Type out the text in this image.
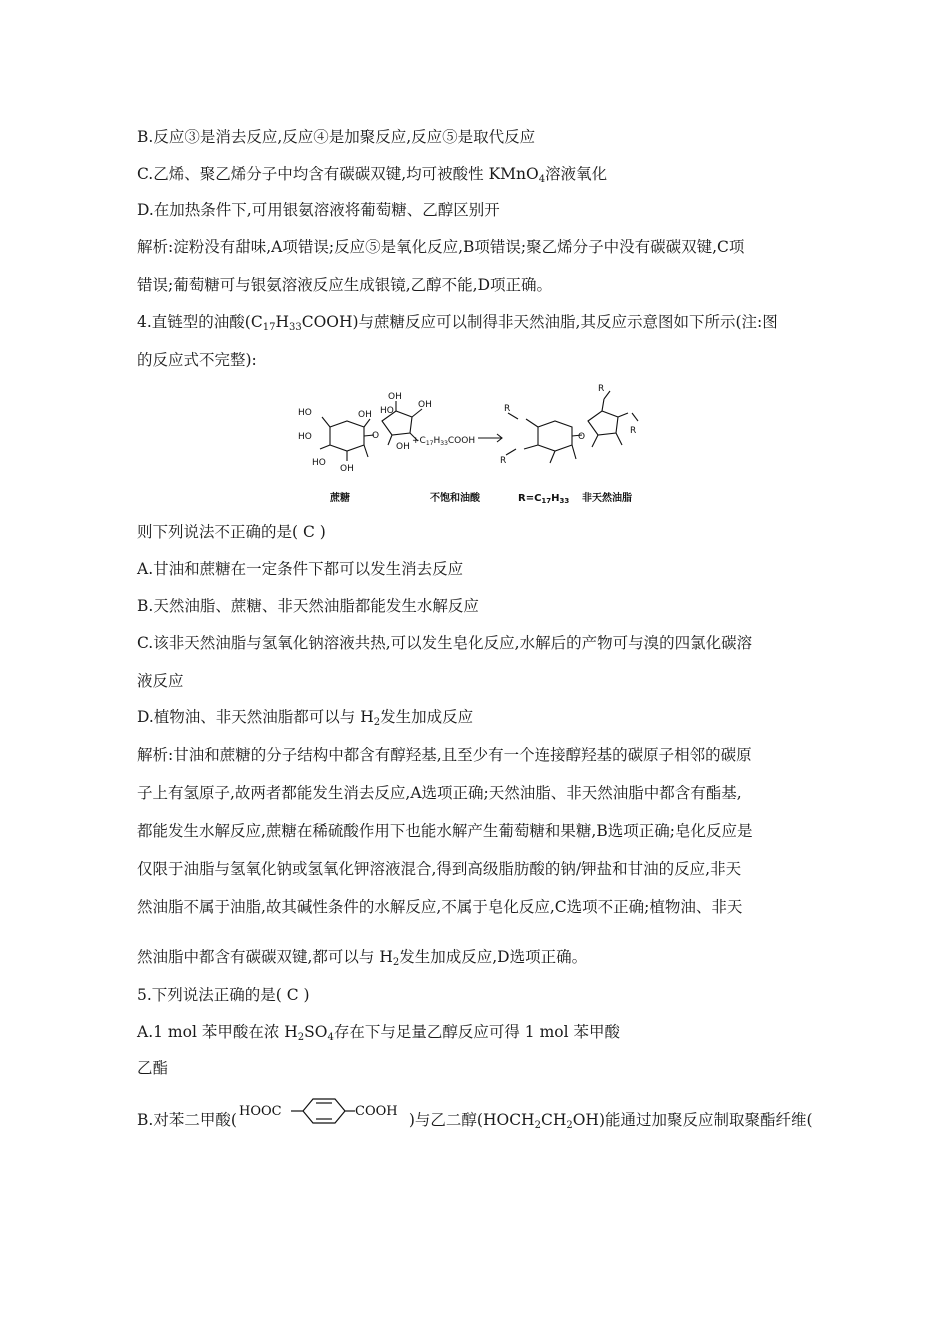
B.反应③是消去反应,反应④是加聚反应,反应⑤是取代反应
C.乙烯、聚乙烯分子中均含有碳碳双键,均可被酸性 KMnO$_4$溶液氧化
D.在加热条件下,可用银氨溶液将葡萄糖、乙醇区别开
解析:淀粉没有甜味,A项错误;反应⑤是氧化反应,B项错误;聚乙烯分子中没有碳碳双键,C项
错误;葡萄糖可与银氨溶液反应生成银镜,乙醇不能,D项正确。
4.直链型的油酸$(C_{17}H_{33}COOH)$与蔗糖反应可以制得非天然油脂,其反应示意图如下所示(注:图
的反应式不完整):
HO
HO
HO
OH
OH
O
HO
OH
OH
OH
$+C_{17}H_{33}COOH$
R
R
R
R
O
蔗糖	不饱和油酸	$R=C_{17}H_{33}$ 非天然油脂
则下列说法不正确的是( C )
A.甘油和蔗糖在一定条件下都可以发生消去反应
B.天然油脂、蔗糖、非天然油脂都能发生水解反应
C.该非天然油脂与氢氧化钠溶液共热,可以发生皂化反应,水解后的产物可与溴的四氯化碳溶
液反应
D.植物油、非天然油脂都可以与 $H_2$发生加成反应
解析:甘油和蔗糖的分子结构中都含有醇羟基,且至少有一个连接醇羟基的碳原子相邻的碳原
子上有氢原子,故两者都能发生消去反应,A选项正确;天然油脂、非天然油脂中都含有酯基,
都能发生水解反应,蔗糖在稀硫酸作用下也能水解产生葡萄糖和果糖,B选项正确;皂化反应是
仅限于油脂与氢氧化钠或氢氧化钾溶液混合,得到高级脂肪酸的钠/钾盐和甘油的反应,非天
然油脂不属于油脂,故其碱性条件的水解反应,不属于皂化反应,C选项不正确;植物油、非天
然油脂中都含有碳碳双键,都可以与 $H_2$发生加成反应,D选项正确。
5.下列说法正确的是( C )
A.1 mol 苯甲酸在浓 $H_2SO_4$存在下与足量乙醇反应可得 1 mol 苯甲酸
乙酯
B.对苯二甲酸( HOOC	COOH )与乙二醇$(HOCH_2CH_2OH)$能通过加聚反应制取聚酯纤维(
